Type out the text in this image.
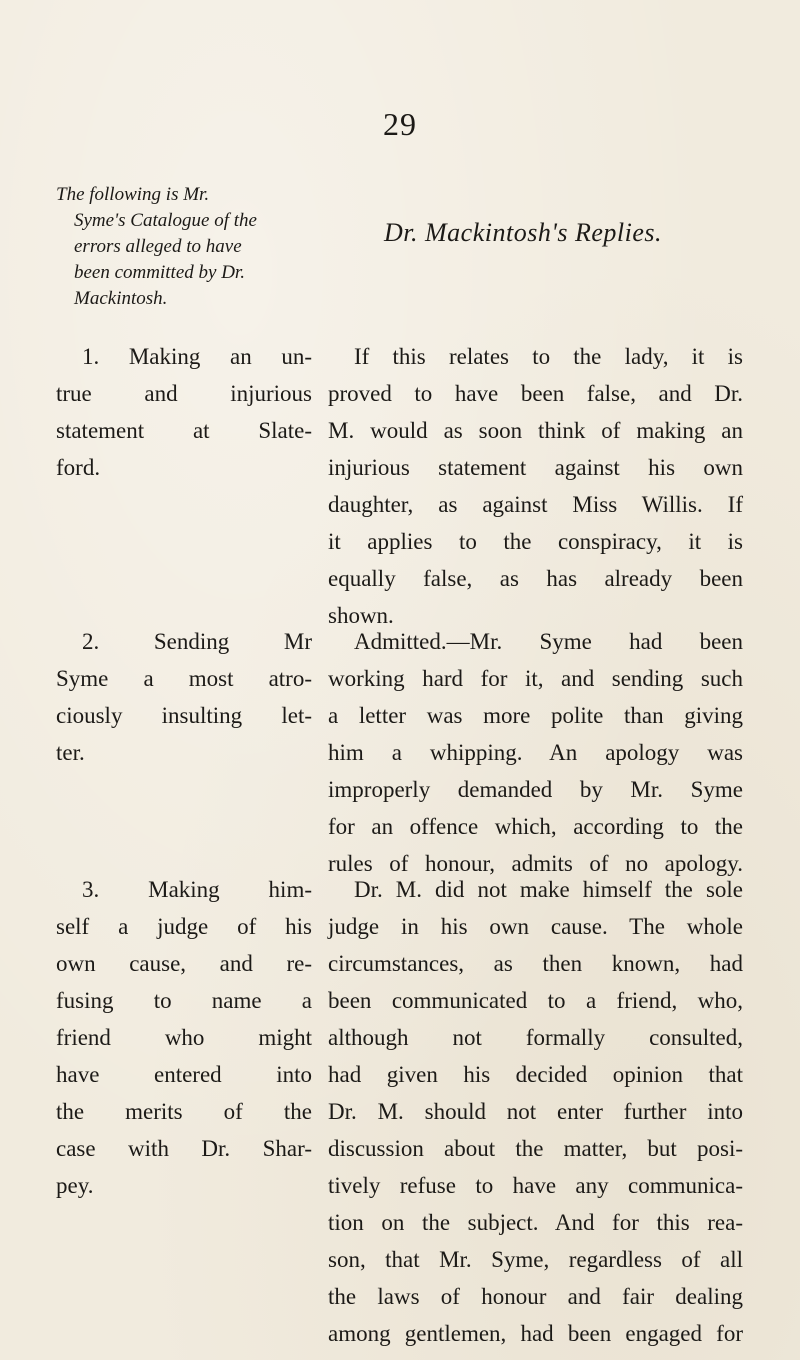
29
The following is Mr.
Syme's Catalogue of the
errors alleged to have
been committed by Dr.
Mackintosh.
Dr. Mackintosh's Replies.
1. Making an un-
true and injurious
statement at Slate-
ford.
If this relates to the lady, it is
proved to have been false, and Dr.
M. would as soon think of making an
injurious statement against his own
daughter, as against Miss Willis. If
it applies to the conspiracy, it is
equally false, as has already been
shown.
2. Sending Mr
Syme a most atro-
ciously insulting let-
ter.
Admitted.—Mr. Syme had been
working hard for it, and sending such
a letter was more polite than giving
him a whipping. An apology was
improperly demanded by Mr. Syme
for an offence which, according to the
rules of honour, admits of no apology.
3. Making him-
self a judge of his
own cause, and re-
fusing to name a
friend who might
have entered into
the merits of the
case with Dr. Shar-
pey.
Dr. M. did not make himself the sole
judge in his own cause. The whole
circumstances, as then known, had
been communicated to a friend, who,
although not formally consulted,
had given his decided opinion that
Dr. M. should not enter further into
discussion about the matter, but posi-
tively refuse to have any communica-
tion on the subject. And for this rea-
son, that Mr. Syme, regardless of all
the laws of honour and fair dealing
among gentlemen, had been engaged for
